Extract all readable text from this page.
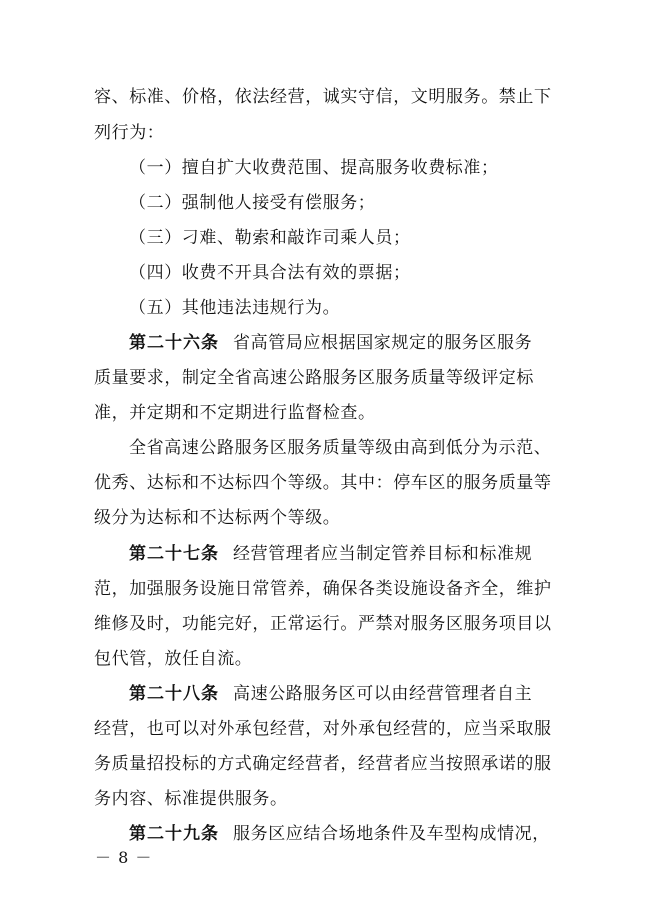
容、标准、价格，依法经营，诚实守信，文明服务。禁止下
列行为：
（一）擅自扩大收费范围、提高服务收费标准；
（二）强制他人接受有偿服务；
（三）刁难、勒索和敲诈司乘人员；
（四）收费不开具合法有效的票据；
（五）其他违法违规行为。
第二十六条 省高管局应根据国家规定的服务区服务
质量要求，制定全省高速公路服务区服务质量等级评定标
准，并定期和不定期进行监督检查。
全省高速公路服务区服务质量等级由高到低分为示范、
优秀、达标和不达标四个等级。其中：停车区的服务质量等
级分为达标和不达标两个等级。
第二十七条 经营管理者应当制定管养目标和标准规
范，加强服务设施日常管养，确保各类设施设备齐全，维护
维修及时，功能完好，正常运行。严禁对服务区服务项目以
包代管，放任自流。
第二十八条 高速公路服务区可以由经营管理者自主
经营，也可以对外承包经营，对外承包经营的，应当采取服
务质量招投标的方式确定经营者，经营者应当按照承诺的服
务内容、标准提供服务。
第二十九条 服务区应结合场地条件及车型构成情况，
－ 8 －
